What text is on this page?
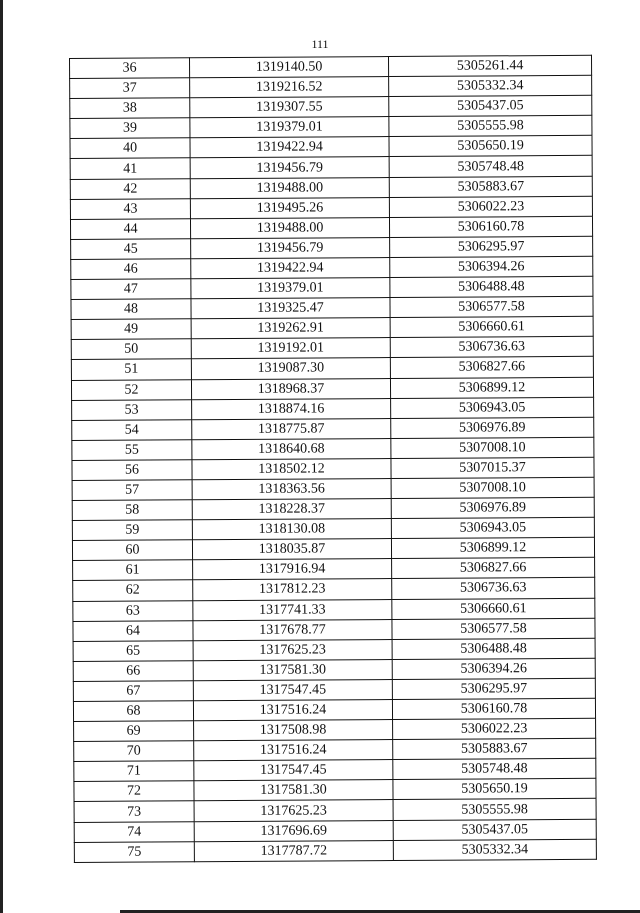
111
36	1319140.50	5305261.44
37	1319216.52	5305332.34
38	1319307.55	5305437.05
39	1319379.01	5305555.98
40	1319422.94	5305650.19
41	1319456.79	5305748.48
42	1319488.00	5305883.67
43	1319495.26	5306022.23
44	1319488.00	5306160.78
45	1319456.79	5306295.97
46	1319422.94	5306394.26
47	1319379.01	5306488.48
48	1319325.47	5306577.58
49	1319262.91	5306660.61
50	1319192.01	5306736.63
51	1319087.30	5306827.66
52	1318968.37	5306899.12
53	1318874.16	5306943.05
54	1318775.87	5306976.89
55	1318640.68	5307008.10
56	1318502.12	5307015.37
57	1318363.56	5307008.10
58	1318228.37	5306976.89
59	1318130.08	5306943.05
60	1318035.87	5306899.12
61	1317916.94	5306827.66
62	1317812.23	5306736.63
63	1317741.33	5306660.61
64	1317678.77	5306577.58
65	1317625.23	5306488.48
66	1317581.30	5306394.26
67	1317547.45	5306295.97
68	1317516.24	5306160.78
69	1317508.98	5306022.23
70	1317516.24	5305883.67
71	1317547.45	5305748.48
72	1317581.30	5305650.19
73	1317625.23	5305555.98
74	1317696.69	5305437.05
75	1317787.72	5305332.34
